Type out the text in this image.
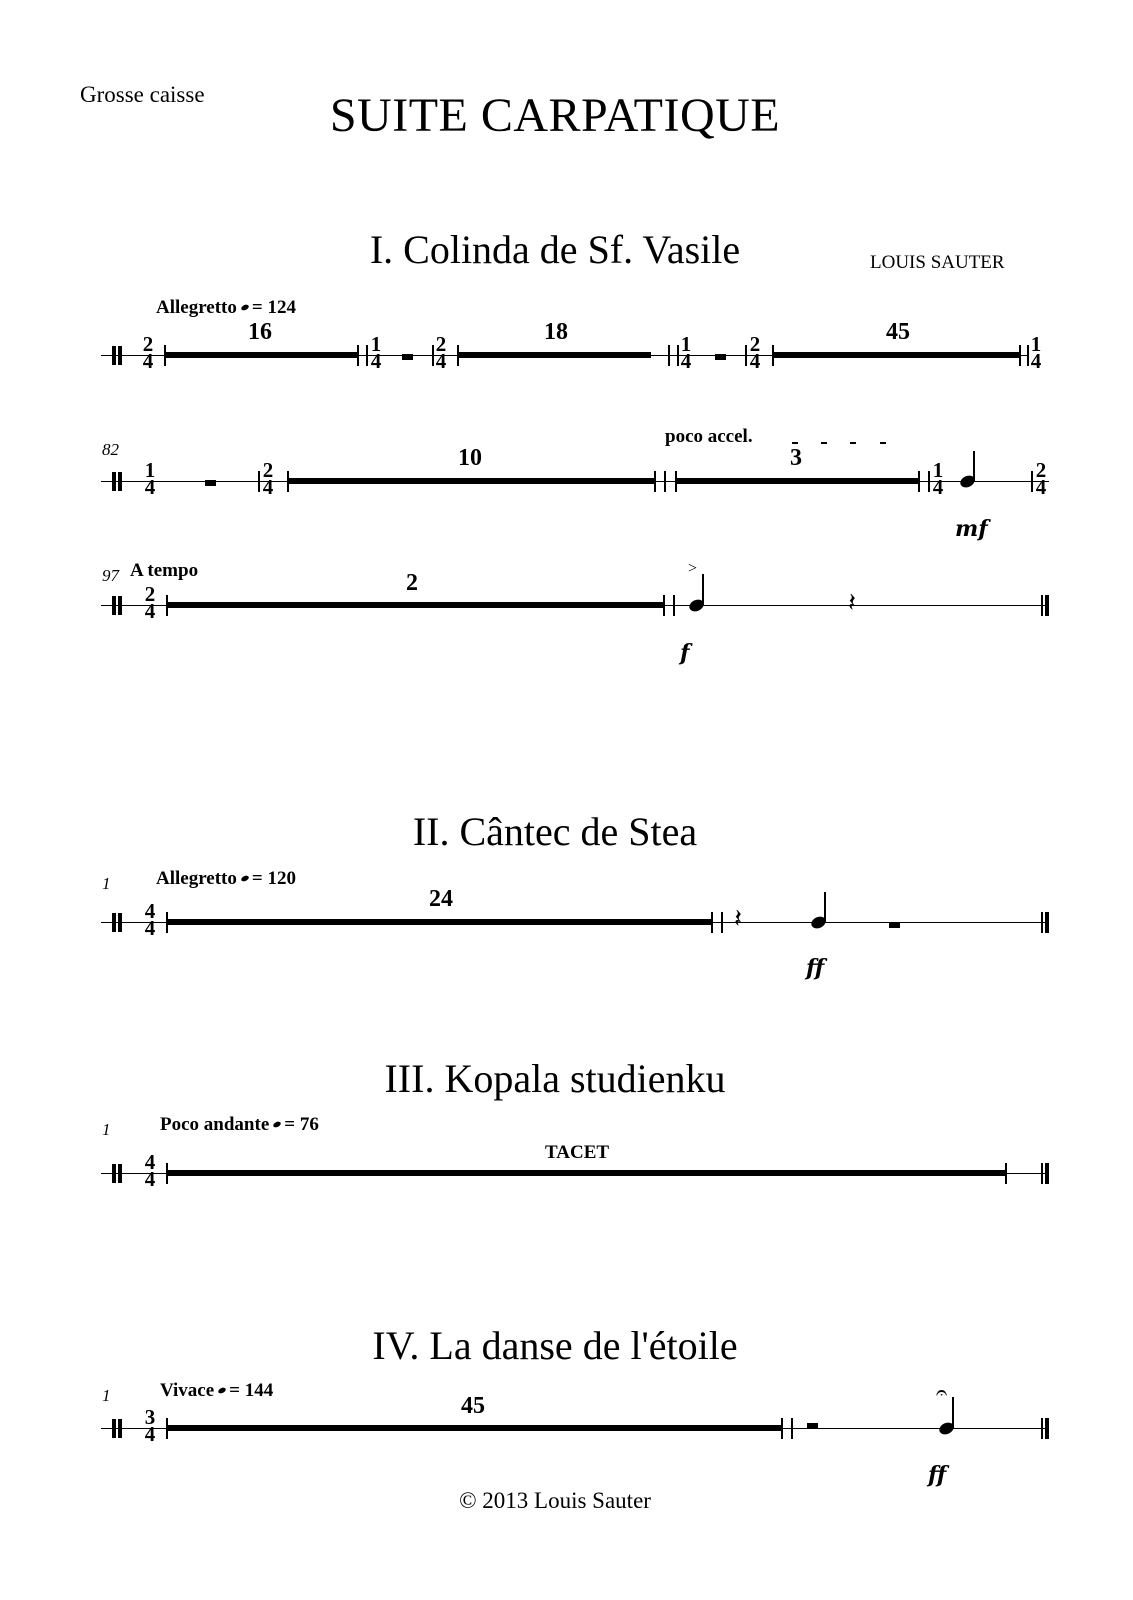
Grosse caisse	SUITE CARPATIQUE
I. Colinda de Sf. Vasile	LOUIS SAUTER
Allegretto = 124
2
4
16	1
4
2
4
18	1
4
2
4
45	1
4
82
poco accel.
1
4
2
4
10	3	1
4
mf
2
4
97 A tempo
2
4
2
>
f
𝄽
II. Cântec de Stea
1 Allegretto = 120
4
4
24
𝄽
ff
III. Kopala studienku
1	Poco andante = 76
TACET
4
4
IV. La danse de l'étoile
1	Vivace = 144
3
4
45
𝄐
ff
© 2013 Louis Sauter
